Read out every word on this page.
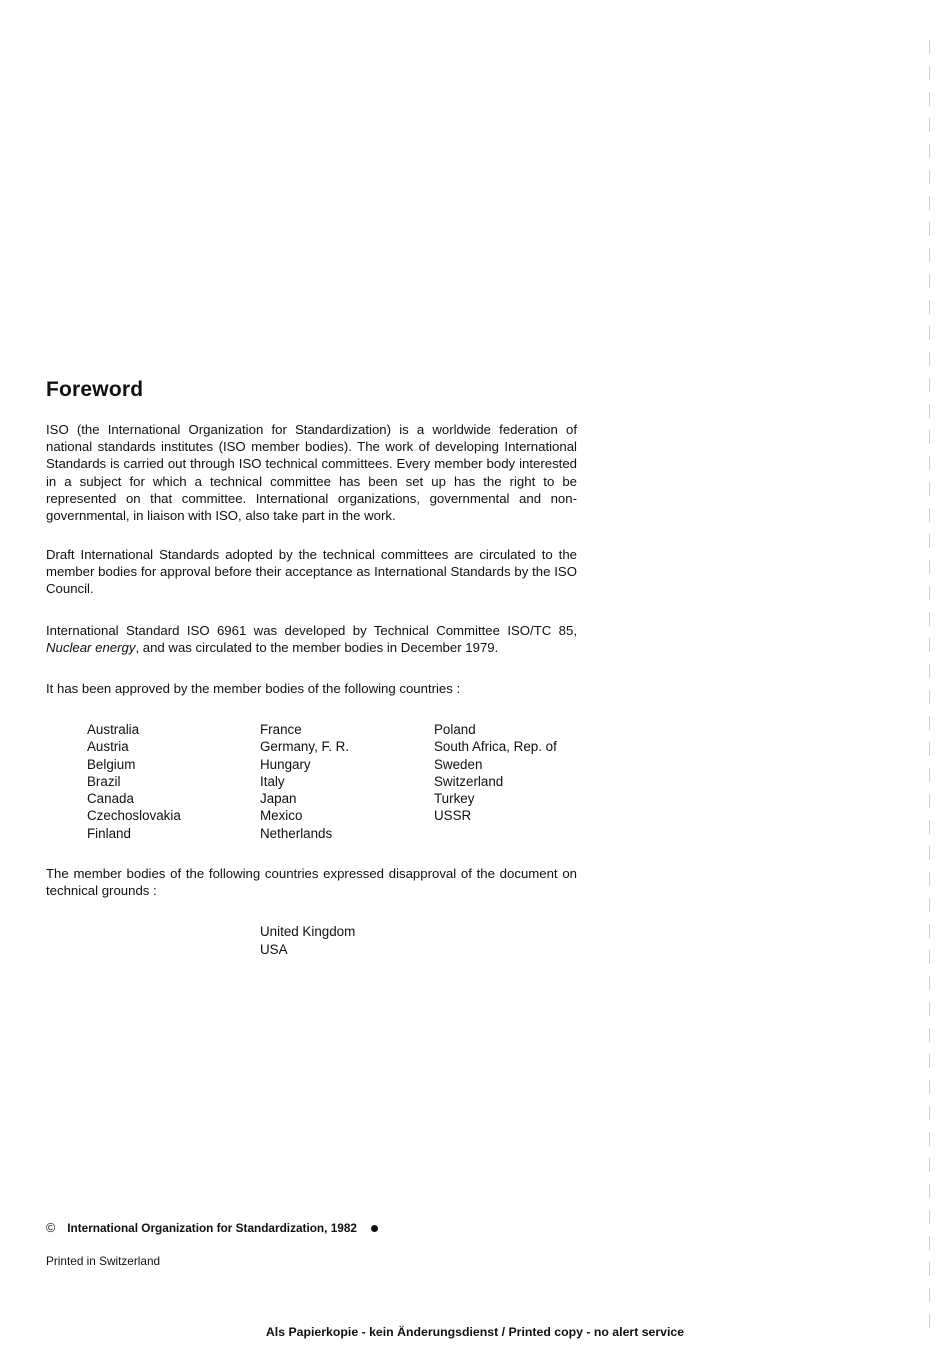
Foreword
ISO (the International Organization for Standardization) is a worldwide federation of national standards institutes (ISO member bodies). The work of developing International Standards is carried out through ISO technical committees. Every member body interested in a subject for which a technical committee has been set up has the right to be represented on that committee. International organizations, governmental and non-governmental, in liaison with ISO, also take part in the work.
Draft International Standards adopted by the technical committees are circulated to the member bodies for approval before their acceptance as International Standards by the ISO Council.
International Standard ISO 6961 was developed by Technical Committee ISO/TC 85, Nuclear energy, and was circulated to the member bodies in December 1979.
It has been approved by the member bodies of the following countries :
Australia
Austria
Belgium
Brazil
Canada
Czechoslovakia
Finland
France
Germany, F. R.
Hungary
Italy
Japan
Mexico
Netherlands
Poland
South Africa, Rep. of
Sweden
Switzerland
Turkey
USSR
The member bodies of the following countries expressed disapproval of the document on technical grounds :
United Kingdom
USA
© International Organization for Standardization, 1982
Printed in Switzerland
Als Papierkopie - kein Änderungsdienst / Printed copy - no alert service
